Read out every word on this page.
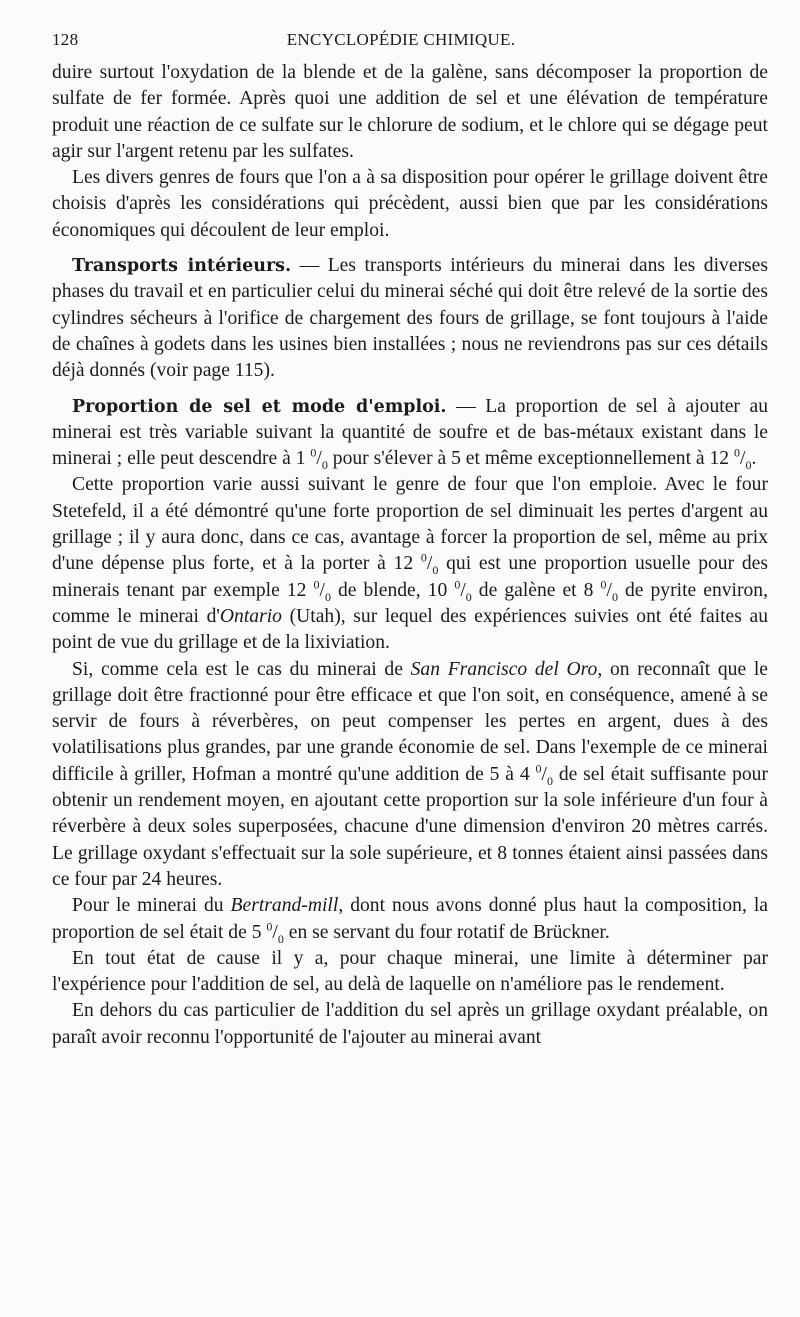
128	ENCYCLOPÉDIE CHIMIQUE.

duire surtout l'oxydation de la blende et de la galène, sans décomposer la proportion de sulfate de fer formée. Après quoi une addition de sel et une élévation de température produit une réaction de ce sulfate sur le chlorure de sodium, et le chlore qui se dégage peut agir sur l'argent retenu par les sulfates.

Les divers genres de fours que l'on a à sa disposition pour opérer le grillage doivent être choisis d'après les considérations qui précèdent, aussi bien que par les considérations économiques qui découlent de leur emploi.

Transports intérieurs. — Les transports intérieurs du minerai dans les diverses phases du travail et en particulier celui du minerai séché qui doit être relevé de la sortie des cylindres sécheurs à l'orifice de chargement des fours de grillage, se font toujours à l'aide de chaînes à godets dans les usines bien installées ; nous ne reviendrons pas sur ces détails déjà donnés (voir page 115).

Proportion de sel et mode d'emploi. — La proportion de sel à ajouter au minerai est très variable suivant la quantité de soufre et de bas-métaux existant dans le minerai ; elle peut descendre à 1 $^0/_0$ pour s'élever à 5 et même exceptionnellement à 12 $^0/_0$.

Cette proportion varie aussi suivant le genre de four que l'on emploie. Avec le four Stetefeld, il a été démontré qu'une forte proportion de sel diminuait les pertes d'argent au grillage ; il y aura donc, dans ce cas, avantage à forcer la proportion de sel, même au prix d'une dépense plus forte, et à la porter à 12 $^0/_0$ qui est une proportion usuelle pour des minerais tenant par exemple 12 $^0/_0$ de blende, 10 $^0/_0$ de galène et 8 $^0/_0$ de pyrite environ, comme le minerai d'Ontario (Utah), sur lequel des expériences suivies ont été faites au point de vue du grillage et de la lixiviation.

Si, comme cela est le cas du minerai de San Francisco del Oro, on reconnaît que le grillage doit être fractionné pour être efficace et que l'on soit, en conséquence, amené à se servir de fours à réverbères, on peut compenser les pertes en argent, dues à des volatilisations plus grandes, par une grande économie de sel. Dans l'exemple de ce minerai difficile à griller, Hofman a montré qu'une addition de 5 à 4 $^0/_0$ de sel était suffisante pour obtenir un rendement moyen, en ajoutant cette proportion sur la sole inférieure d'un four à réverbère à deux soles superposées, chacune d'une dimension d'environ 20 mètres carrés. Le grillage oxydant s'effectuait sur la sole supérieure, et 8 tonnes étaient ainsi passées dans ce four par 24 heures.

Pour le minerai du Bertrand-mill, dont nous avons donné plus haut la composition, la proportion de sel était de 5 $^0/_0$ en se servant du four rotatif de Brückner.

En tout état de cause il y a, pour chaque minerai, une limite à déterminer par l'expérience pour l'addition de sel, au delà de laquelle on n'améliore pas le rendement.

En dehors du cas particulier de l'addition du sel après un grillage oxydant préalable, on paraît avoir reconnu l'opportunité de l'ajouter au minerai avant
